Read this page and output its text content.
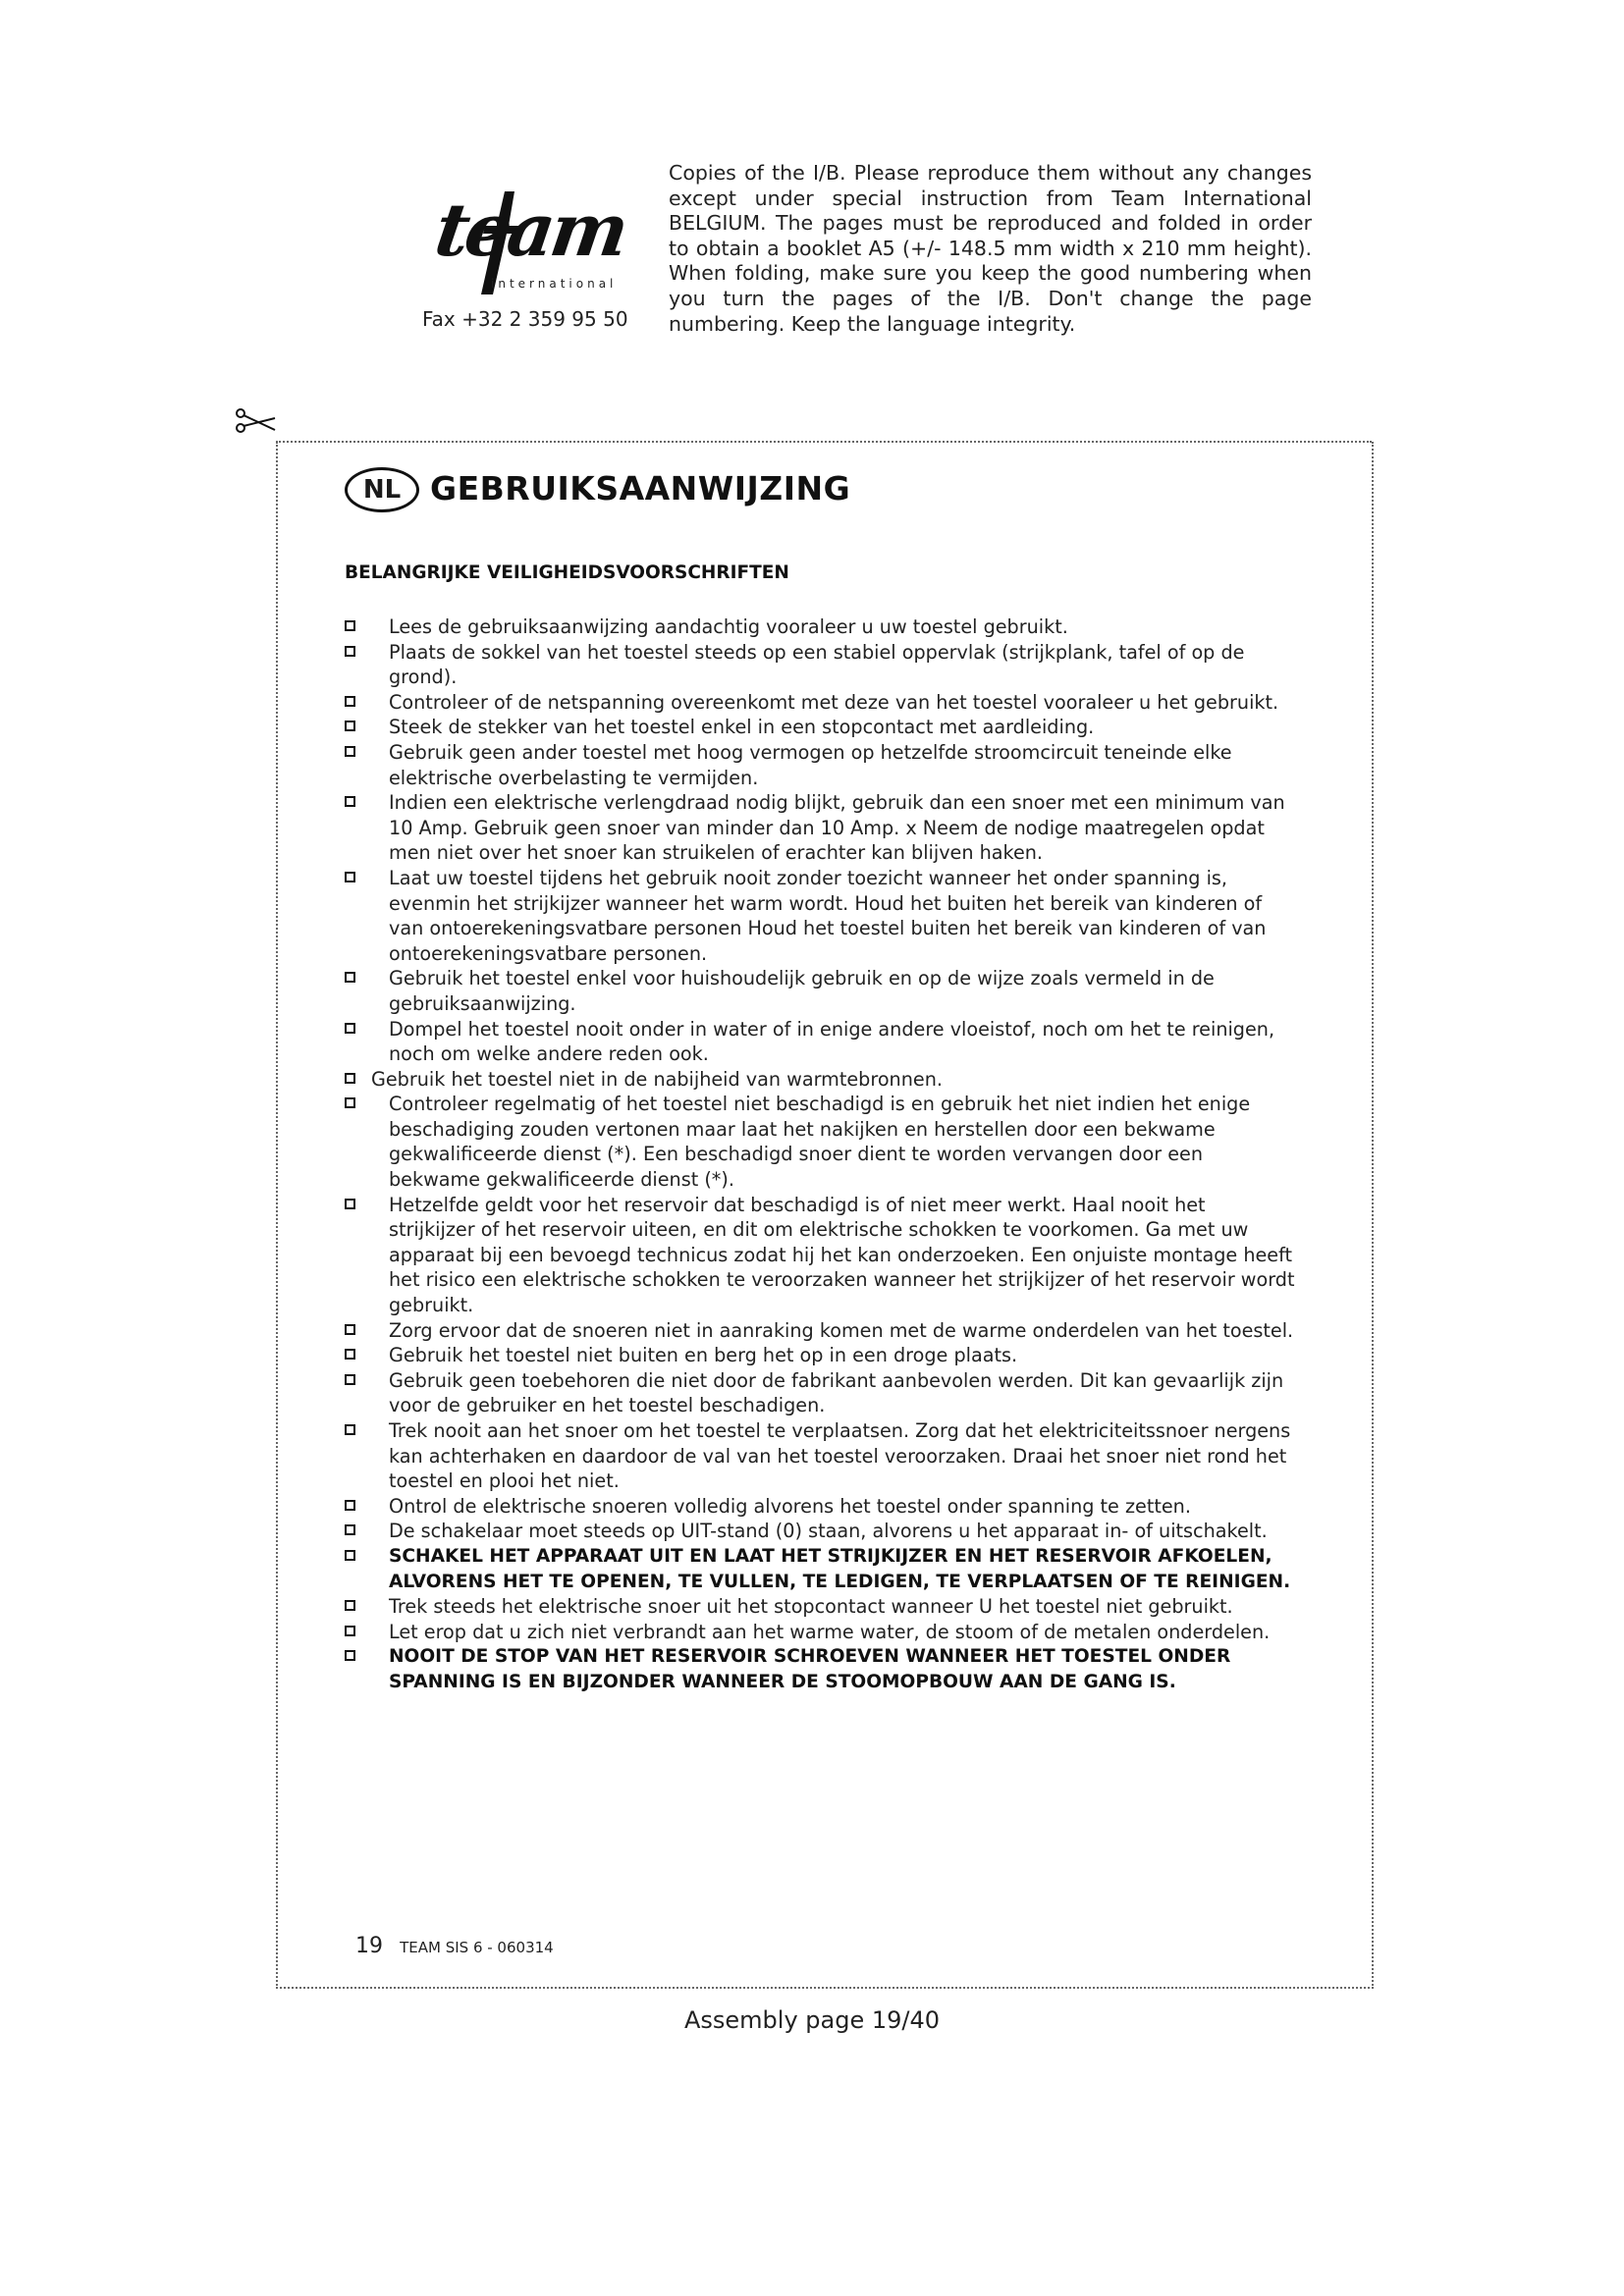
team
international
Fax +32 2 359 95 50
Copies of the I/B. Please reproduce them without any changes except under special instruction from Team International BELGIUM. The pages must be reproduced and folded in order to obtain a booklet A5 (+/- 148.5 mm width x 210 mm height). When folding, make sure you keep the good numbering when you turn the pages of the I/B. Don't change the page numbering. Keep the language integrity.
NL GEBRUIKSAANWIJZING
BELANGRIJKE VEILIGHEIDSVOORSCHRIFTEN
Lees de gebruiksaanwijzing aandachtig vooraleer u uw toestel gebruikt.
Plaats de sokkel van het toestel steeds op een stabiel oppervlak (strijkplank, tafel of op de grond).
Controleer of de netspanning overeenkomt met deze van het toestel vooraleer u het gebruikt.
Steek de stekker van het toestel enkel in een stopcontact met aardleiding.
Gebruik geen ander toestel met hoog vermogen op hetzelfde stroomcircuit teneinde elke elektrische overbelasting te vermijden.
Indien een elektrische verlengdraad nodig blijkt, gebruik dan een snoer met een minimum van 10 Amp. Gebruik geen snoer van minder dan 10 Amp. x Neem de nodige maatregelen opdat men niet over het snoer kan struikelen of erachter kan blijven haken.
Laat uw toestel tijdens het gebruik nooit zonder toezicht wanneer het onder spanning is, evenmin het strijkijzer wanneer het warm wordt. Houd het buiten het bereik van kinderen of van ontoerekeningsvatbare personen Houd het toestel buiten het bereik van kinderen of van ontoerekeningsvatbare personen.
Gebruik het toestel enkel voor huishoudelijk gebruik en op de wijze zoals vermeld in de gebruiksaanwijzing.
Dompel het toestel nooit onder in water of in enige andere vloeistof, noch om het te reinigen, noch om welke andere reden ook.
Gebruik het toestel niet in de nabijheid van warmtebronnen.
Controleer regelmatig of het toestel niet beschadigd is en gebruik het niet indien het enige beschadiging zouden vertonen maar laat het nakijken en herstellen door een bekwame gekwalificeerde dienst (*). Een beschadigd snoer dient te worden vervangen door een bekwame gekwalificeerde dienst (*).
Hetzelfde geldt voor het reservoir dat beschadigd is of niet meer werkt. Haal nooit het strijkijzer of het reservoir uiteen, en dit om elektrische schokken te voorkomen. Ga met uw apparaat bij een bevoegd technicus zodat hij het kan onderzoeken. Een onjuiste montage heeft het risico een elektrische schokken te veroorzaken wanneer het strijkijzer of het reservoir wordt gebruikt.
Zorg ervoor dat de snoeren niet in aanraking komen met de warme onderdelen van het toestel.
Gebruik het toestel niet buiten en berg het op in een droge plaats.
Gebruik geen toebehoren die niet door de fabrikant aanbevolen werden. Dit kan gevaarlijk zijn voor de gebruiker en het toestel beschadigen.
Trek nooit aan het snoer om het toestel te verplaatsen. Zorg dat het elektriciteitssnoer nergens kan achterhaken en daardoor de val van het toestel veroorzaken. Draai het snoer niet rond het toestel en plooi het niet.
Ontrol de elektrische snoeren volledig alvorens het toestel onder spanning te zetten.
De schakelaar moet steeds op UIT-stand (0) staan, alvorens u het apparaat in- of uitschakelt.
SCHAKEL HET APPARAAT UIT EN LAAT HET STRIJKIJZER EN HET RESERVOIR AFKOELEN, ALVORENS HET TE OPENEN, TE VULLEN, TE LEDIGEN, TE VERPLAATSEN OF TE REINIGEN.
Trek steeds het elektrische snoer uit het stopcontact wanneer U het toestel niet gebruikt.
Let erop dat u zich niet verbrandt aan het warme water, de stoom of de metalen onderdelen.
NOOIT DE STOP VAN HET RESERVOIR SCHROEVEN WANNEER HET TOESTEL ONDER SPANNING IS EN BIJZONDER WANNEER DE STOOMOPBOUW AAN DE GANG IS.
19 TEAM SIS 6 - 060314
Assembly page 19/40
